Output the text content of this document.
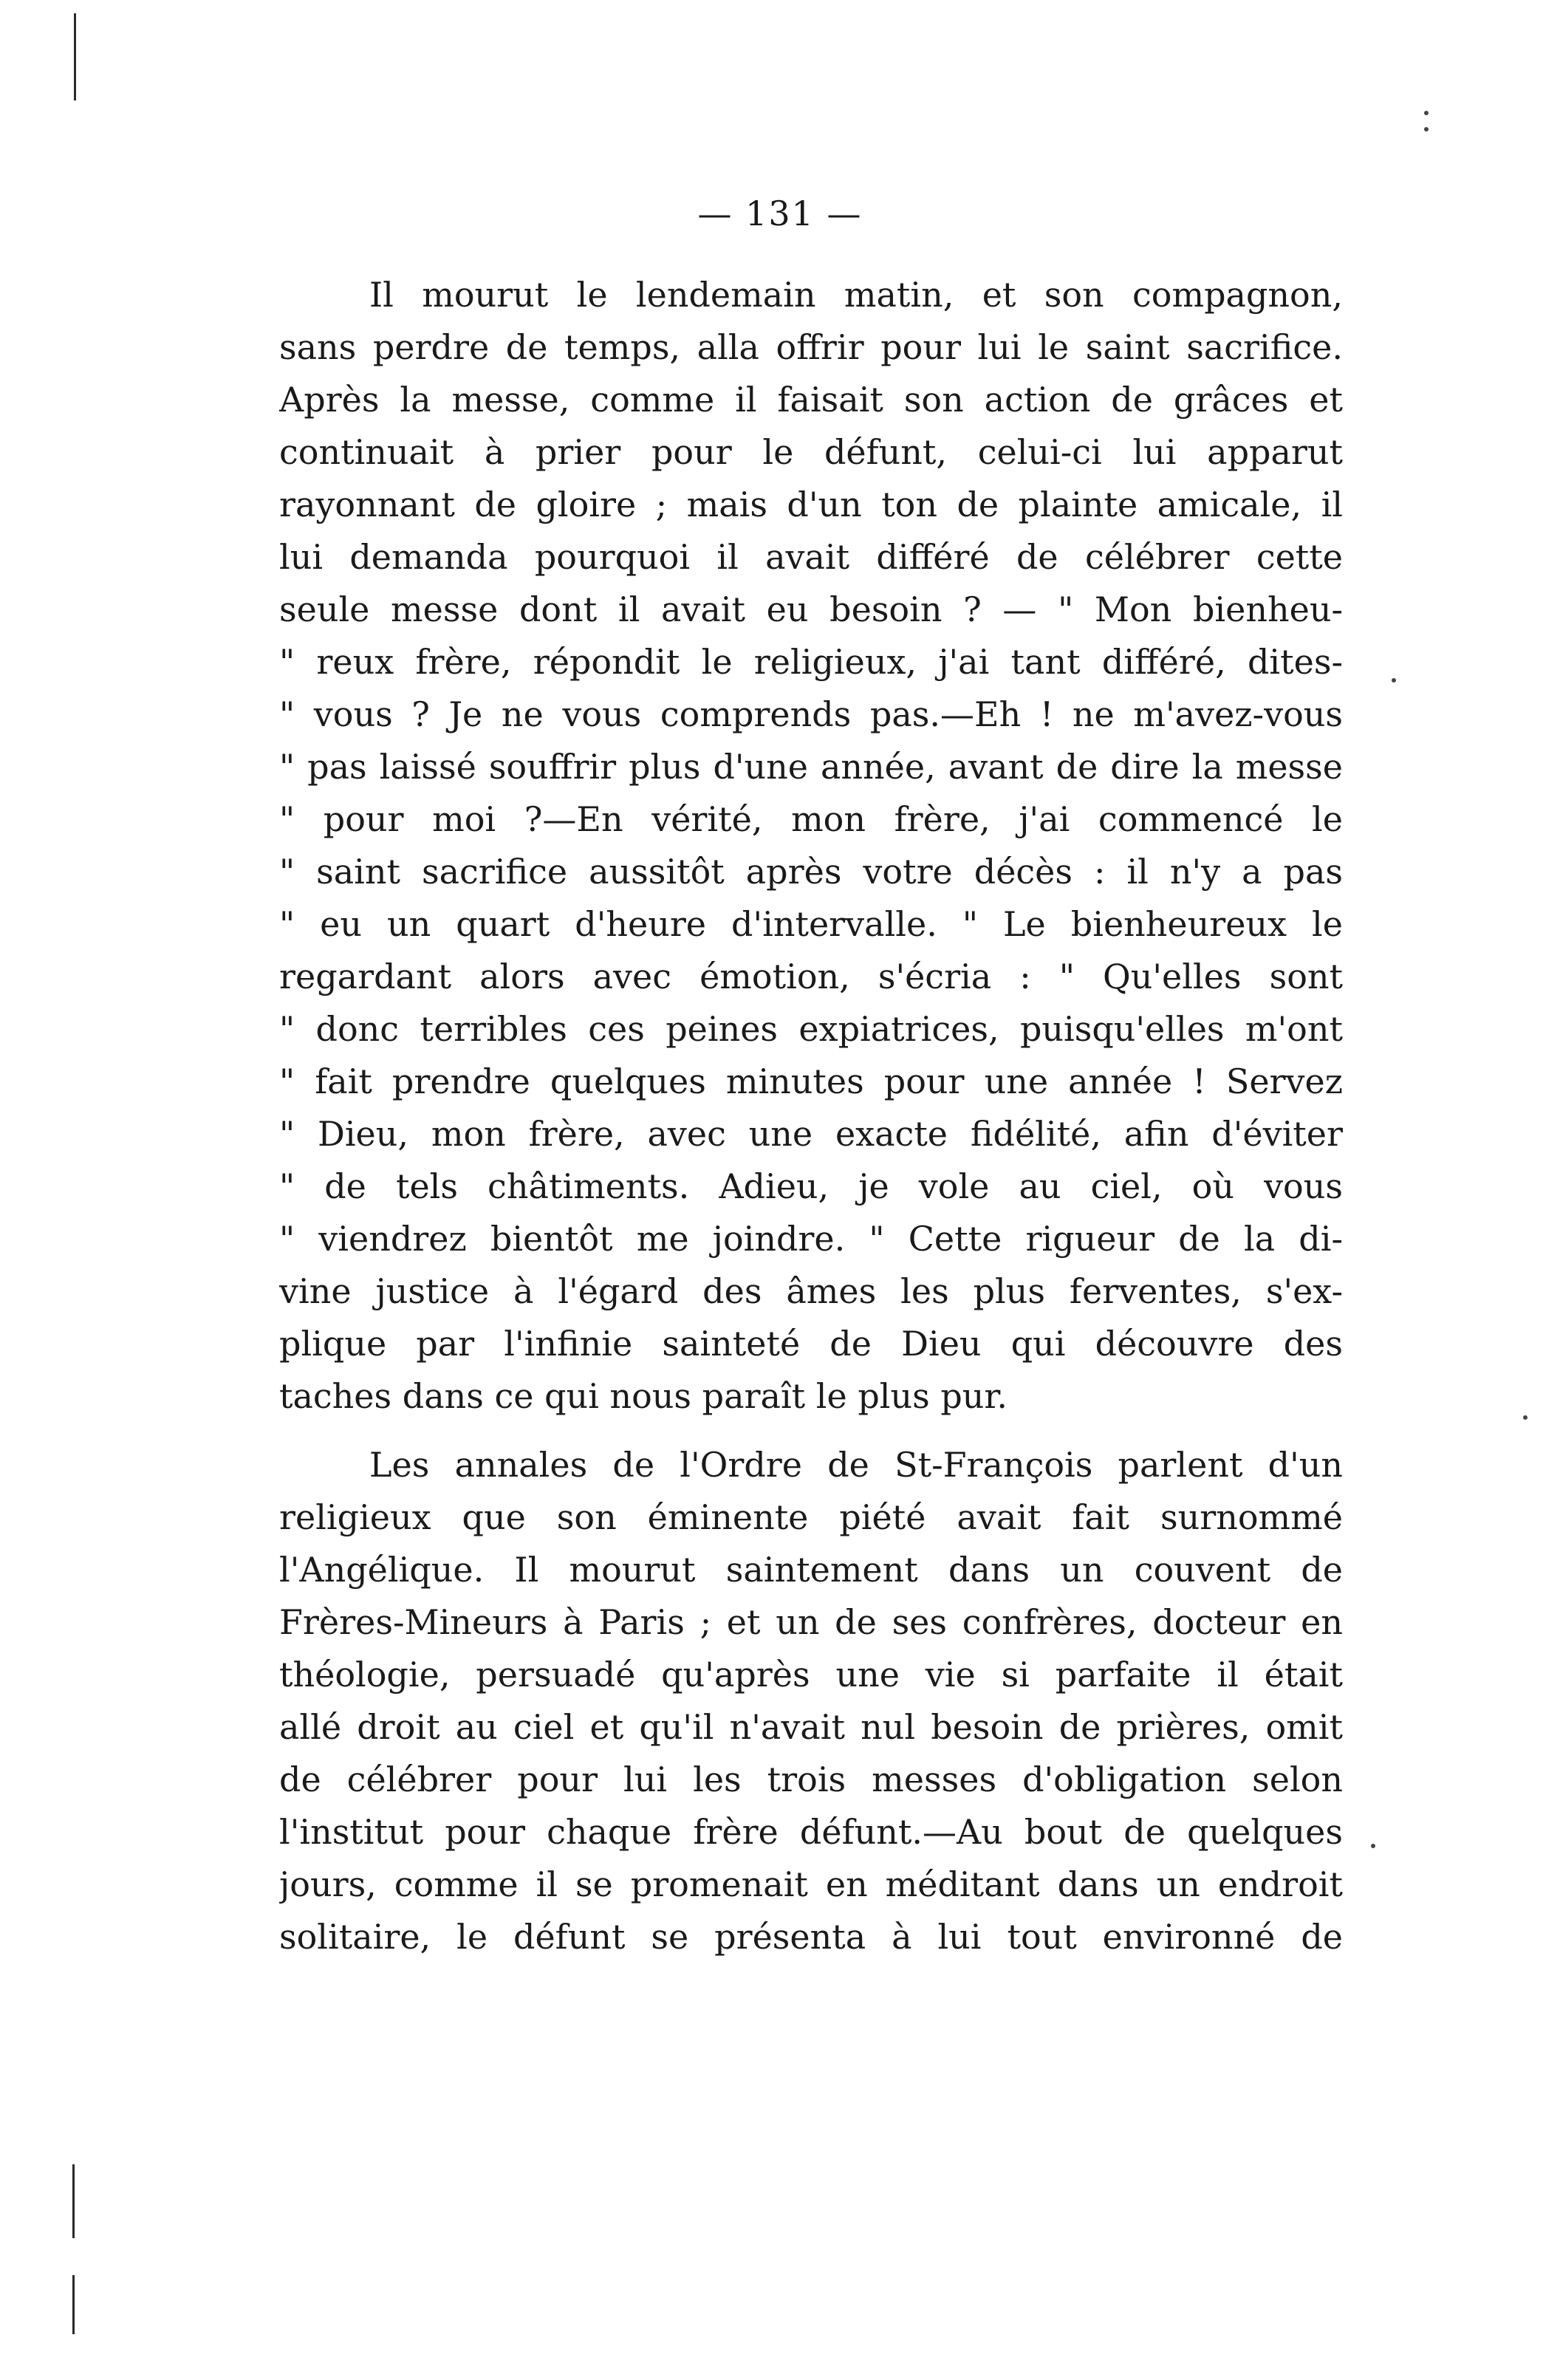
— 131 —
Il mourut le lendemain matin, et son compagnon,
sans perdre de temps, alla offrir pour lui le saint sacrifice.
Après la messe, comme il faisait son action de grâces et
continuait à prier pour le défunt, celui-ci lui apparut
rayonnant de gloire ; mais d'un ton de plainte amicale, il
lui demanda pourquoi il avait différé de célébrer cette
seule messe dont il avait eu besoin ? — " Mon bienheu-
" reux frère, répondit le religieux, j'ai tant différé, dites-
" vous ? Je ne vous comprends pas.—Eh ! ne m'avez-vous
" pas laissé souffrir plus d'une année, avant de dire la messe
" pour moi ?—En vérité, mon frère, j'ai commencé le
" saint sacrifice aussitôt après votre décès : il n'y a pas
" eu un quart d'heure d'intervalle. " Le bienheureux le
regardant alors avec émotion, s'écria : " Qu'elles sont
" donc terribles ces peines expiatrices, puisqu'elles m'ont
" fait prendre quelques minutes pour une année ! Servez
" Dieu, mon frère, avec une exacte fidélité, afin d'éviter
" de tels châtiments. Adieu, je vole au ciel, où vous
" viendrez bientôt me joindre. " Cette rigueur de la di-
vine justice à l'égard des âmes les plus ferventes, s'ex-
plique par l'infinie sainteté de Dieu qui découvre des
taches dans ce qui nous paraît le plus pur.
Les annales de l'Ordre de St-François parlent d'un
religieux que son éminente piété avait fait surnommé
l'Angélique. Il mourut saintement dans un couvent de
Frères-Mineurs à Paris ; et un de ses confrères, docteur en
théologie, persuadé qu'après une vie si parfaite il était
allé droit au ciel et qu'il n'avait nul besoin de prières, omit
de célébrer pour lui les trois messes d'obligation selon
l'institut pour chaque frère défunt.—Au bout de quelques
jours, comme il se promenait en méditant dans un endroit
solitaire, le défunt se présenta à lui tout environné de
